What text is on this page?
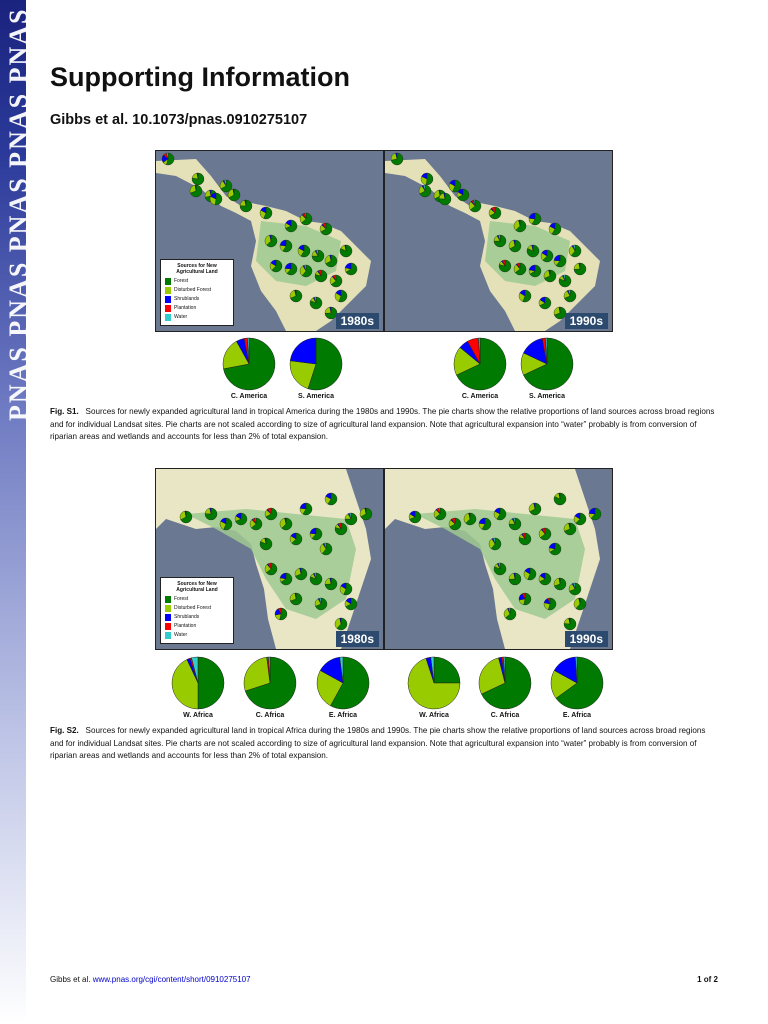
PNAS PNAS PNAS PNAS PNAS Supporting Information
Gibbs et al. 10.1073/pnas.0910275107
Sources for New Agricultural Land
Forest
Disturbed Forest
Shrublands
Plantation
Water	1980s	1990s
Sources for New Agricultural Land
Forest
Disturbed Forest
Shrublands
Plantation
Water	1980s	1990s
C. America	S. America	C. America	S. America
W. Africa	C. Africa	E. Africa	W. Africa	C. Africa	E. Africa
Fig. S1. Sources for newly expanded agricultural land in tropical America during the 1980s and 1990s. The pie charts show the relative proportions of land sources across broad regions and for individual Landsat sites. Pie charts are not scaled according to size of agricultural land expansion. Note that agricultural expansion into “water” probably is from conversion of riparian areas and wetlands and accounts for less than 2% of total expansion.
Fig. S2. Sources for newly expanded agricultural land in tropical Africa during the 1980s and 1990s. The pie charts show the relative proportions of land sources across broad regions and for individual Landsat sites. Pie charts are not scaled according to size of agricultural land expansion. Note that agricultural expansion into “water” probably is from conversion of riparian areas and wetlands and accounts for less than 2% of total expansion.
Gibbs et al. www.pnas.org/cgi/content/short/0910275107	1 of 2
